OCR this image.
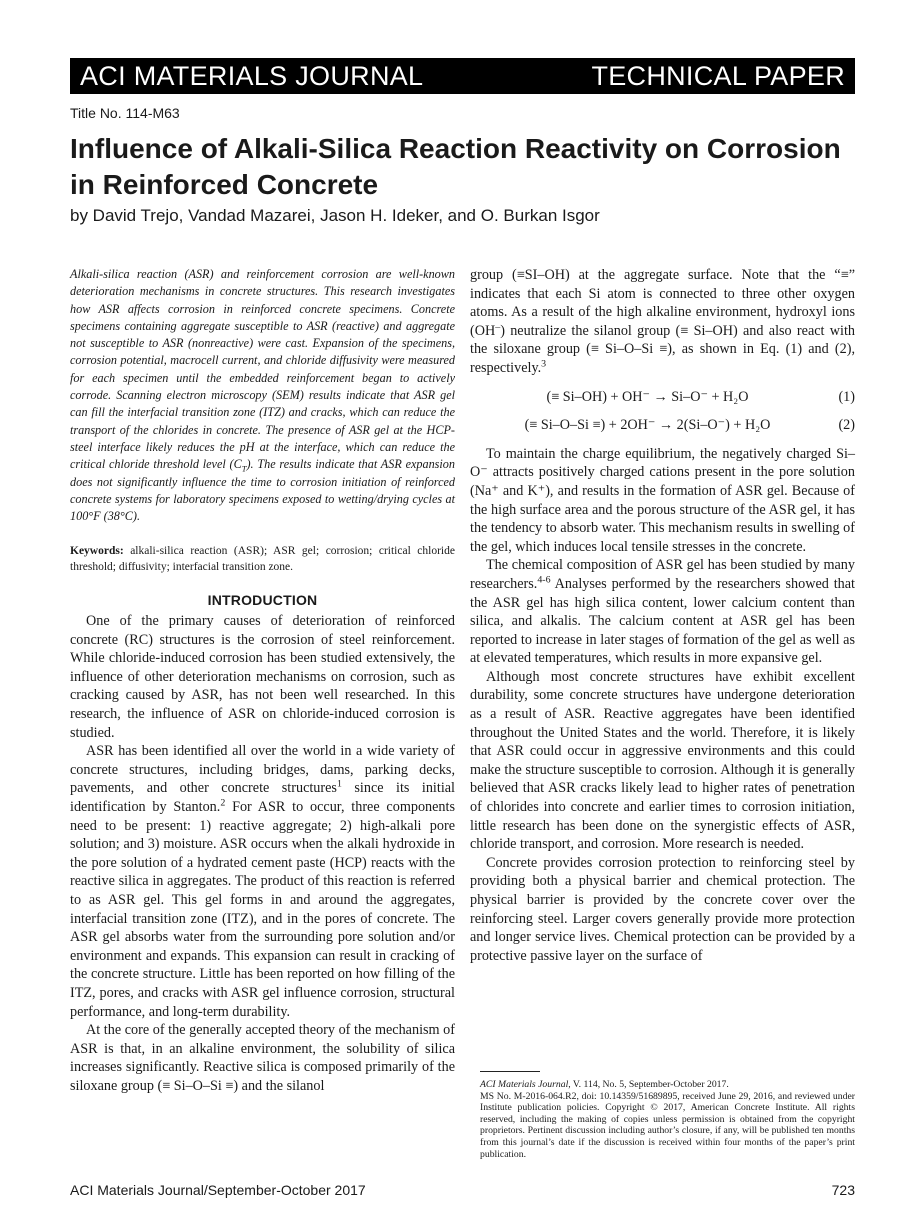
ACI MATERIALS JOURNAL	TECHNICAL PAPER
Title No. 114-M63
Influence of Alkali-Silica Reaction Reactivity on Corrosion in Reinforced Concrete
by David Trejo, Vandad Mazarei, Jason H. Ideker, and O. Burkan Isgor

Alkali-silica reaction (ASR) and reinforcement corrosion are well-known deterioration mechanisms in concrete structures. This research investigates how ASR affects corrosion in reinforced concrete specimens. Concrete specimens containing aggregate susceptible to ASR (reactive) and aggregate not susceptible to ASR (nonreactive) were cast. Expansion of the specimens, corrosion potential, macrocell current, and chloride diffusivity were measured for each specimen until the embedded reinforcement began to actively corrode. Scanning electron microscopy (SEM) results indicate that ASR gel can fill the interfacial transition zone (ITZ) and cracks, which can reduce the transport of the chlorides in concrete. The presence of ASR gel at the HCP-steel interface likely reduces the pH at the interface, which can reduce the critical chloride threshold level $(C_T)$. The results indicate that ASR expansion does not significantly influence the time to corrosion initiation of reinforced concrete systems for laboratory specimens exposed to wetting/drying cycles at 100°F (38°C).

Keywords: alkali-silica reaction (ASR); ASR gel; corrosion; critical chloride threshold; diffusivity; interfacial transition zone.

INTRODUCTION

One of the primary causes of deterioration of reinforced concrete (RC) structures is the corrosion of steel reinforcement. While chloride-induced corrosion has been studied extensively, the influence of other deterioration mechanisms on corrosion, such as cracking caused by ASR, has not been well researched. In this research, the influence of ASR on chloride-induced corrosion is studied.

ASR has been identified all over the world in a wide variety of concrete structures, including bridges, dams, parking decks, pavements, and other concrete structures$^1$ since its initial identification by Stanton.$^2$ For ASR to occur, three components need to be present: 1) reactive aggregate; 2) high-alkali pore solution; and 3) moisture. ASR occurs when the alkali hydroxide in the pore solution of a hydrated cement paste (HCP) reacts with the reactive silica in aggregates. The product of this reaction is referred to as ASR gel. This gel forms in and around the aggregates, interfacial transition zone (ITZ), and in the pores of concrete. The ASR gel absorbs water from the surrounding pore solution and/or environment and expands. This expansion can result in cracking of the concrete structure. Little has been reported on how filling of the ITZ, pores, and cracks with ASR gel influence corrosion, structural performance, and long-term durability.

At the core of the generally accepted theory of the mechanism of ASR is that, in an alkaline environment, the solubility of silica increases significantly. Reactive silica is composed primarily of the siloxane group (≡ Si–O–Si ≡) and the silanol

group (≡SI–OH) at the aggregate surface. Note that the “≡” indicates that each Si atom is connected to three other oxygen atoms. As a result of the high alkaline environment, hydroxyl ions (OH–) neutralize the silanol group (≡ Si–OH) and also react with the siloxane group (≡ Si–O–Si ≡), as shown in Eq. (1) and (2), respectively.$^3$

(≡ Si–OH) + OH⁻ → Si–O⁻ + H₂O	(1)
(≡ Si–O–Si ≡) + 2OH⁻ → 2(Si–O⁻) + H₂O	(2)

To maintain the charge equilibrium, the negatively charged Si–O⁻ attracts positively charged cations present in the pore solution (Na⁺ and K⁺), and results in the formation of ASR gel. Because of the high surface area and the porous structure of the ASR gel, it has the tendency to absorb water. This mechanism results in swelling of the gel, which induces local tensile stresses in the concrete.

The chemical composition of ASR gel has been studied by many researchers.$^{4-6}$ Analyses performed by the researchers showed that the ASR gel has high silica content, lower calcium content than silica, and alkalis. The calcium content at ASR gel has been reported to increase in later stages of formation of the gel as well as at elevated temperatures, which results in more expansive gel.

Although most concrete structures have exhibit excellent durability, some concrete structures have undergone deterioration as a result of ASR. Reactive aggregates have been identified throughout the United States and the world. Therefore, it is likely that ASR could occur in aggressive environments and this could make the structure susceptible to corrosion. Although it is generally believed that ASR cracks likely lead to higher rates of penetration of chlorides into concrete and earlier times to corrosion initiation, little research has been done on the synergistic effects of ASR, chloride transport, and corrosion. More research is needed.

Concrete provides corrosion protection to reinforcing steel by providing both a physical barrier and chemical protection. The physical barrier is provided by the concrete cover over the reinforcing steel. Larger covers generally provide more protection and longer service lives. Chemical protection can be provided by a protective passive layer on the surface of

ACI Materials Journal, V. 114, No. 5, September-October 2017.

MS No. M-2016-064.R2, doi: 10.14359/51689895, received June 29, 2016, and reviewed under Institute publication policies. Copyright © 2017, American Concrete Institute. All rights reserved, including the making of copies unless permission is obtained from the copyright proprietors. Pertinent discussion including author’s closure, if any, will be published ten months from this journal’s date if the discussion is received within four months of the paper’s print publication.

ACI Materials Journal/September-October 2017	723
